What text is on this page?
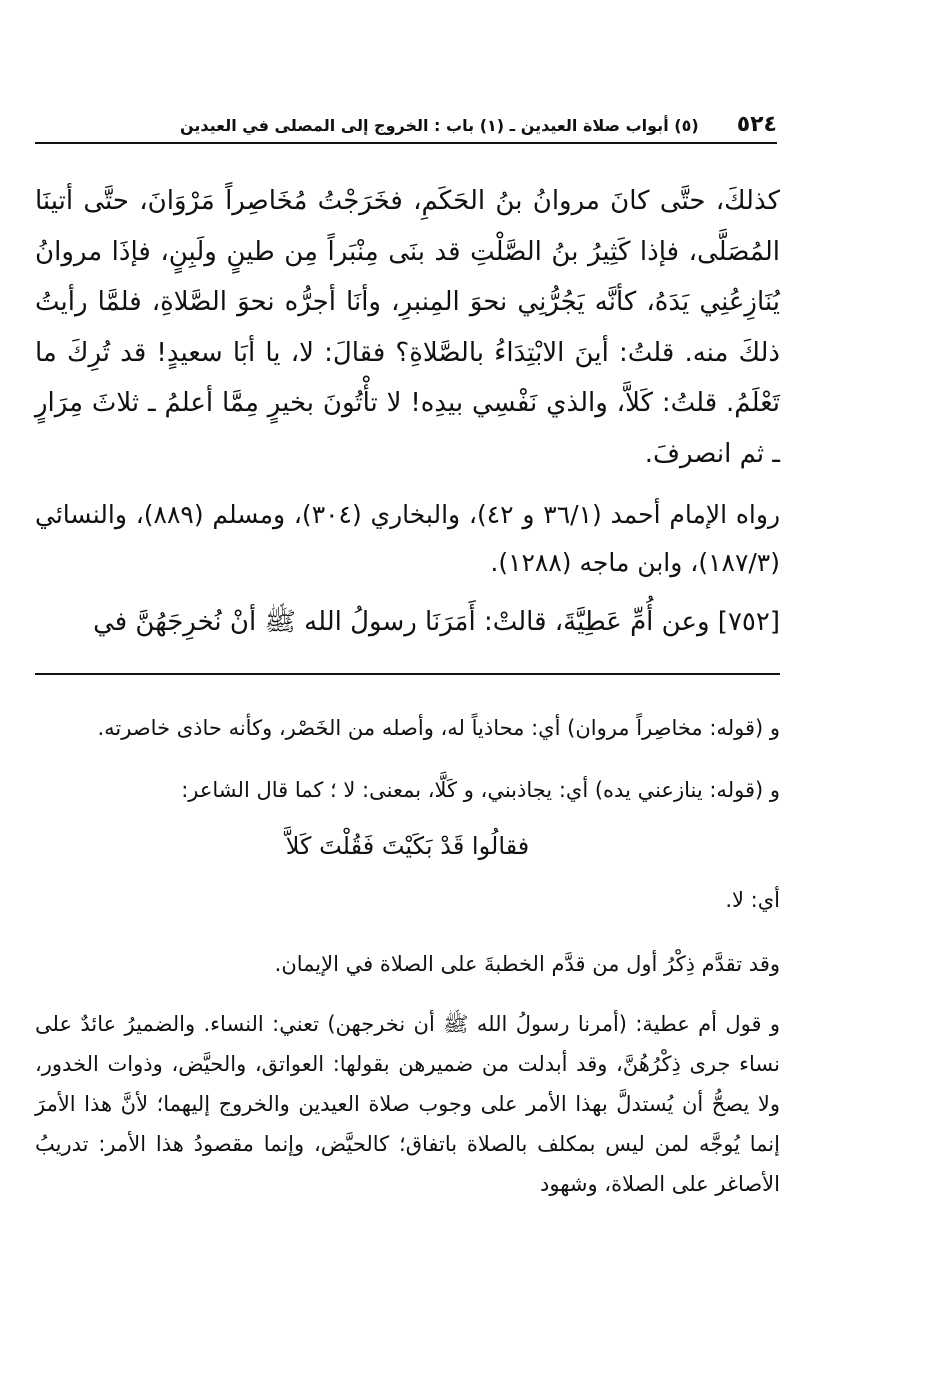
٥٢٤
(٥) أبواب صلاة العيدين ـ (١) باب : الخروج إلى المصلى في العيدين

كذلكَ، حتَّى كانَ مروانُ بنُ الحَكَمِ، فخَرَجْتُ مُخَاصِراً مَرْوَانَ، حتَّى أتينَا المُصَلَّى، فإذا كَثِيرُ بنُ الصَّلْتِ قد بنَى مِنْبَراً مِن طينٍ ولَبِنٍ، فإذَا مروانُ يُنَازِعُنِي يَدَهُ، كأنَّه يَجُرُّنِي نحوَ المِنبرِ، وأنَا أجرُّه نحوَ الصَّلاةِ، فلمَّا رأيتُ ذلكَ منه. قلتُ: أينَ الابْتِدَاءُ بالصَّلاةِ؟ فقالَ: لا، يا أبَا سعيدٍ! قد تُرِكَ ما تَعْلَمُ. قلتُ: كَلاَّ، والذي نَفْسِي بيدِه! لا تأْتُونَ بخيرٍ مِمَّا أعلمُ ـ ثلاثَ مِرَارٍ ـ ثم انصرفَ.

رواه الإمام أحمد (٣٦/١ و ٤٢)، والبخاري (٣٠٤)، ومسلم (٨٨٩)، والنسائي (١٨٧/٣)، وابن ماجه (١٢٨٨).

[٧٥٢] وعن أُمِّ عَطِيَّةَ، قالتْ: أَمَرَنَا رسولُ الله ﷺ أنْ نُخرِجَهُنَّ في

و (قوله: مخاصِراً مروان) أي: محاذياً له، وأصله من الخَصْر، وكأنه حاذى خاصرته.

و (قوله: ينازعني يده) أي: يجاذبني، و كَلَّا، بمعنى: لا ؛ كما قال الشاعر:

فقالُوا قَدْ بَكَيْتَ فَقُلْتَ كَلاَّ

أي: لا.

وقد تقدَّم ذِكْرُ أول من قدَّم الخطبةَ على الصلاة في الإيمان.

و قول أم عطية: (أمرنا رسولُ الله ﷺ أن نخرجهن) تعني: النساء. والضميرُ عائدٌ على نساء جرى ذِكْرُهُنَّ، وقد أبدلت من ضميرهن بقولها: العواتق، والحيَّض، وذوات الخدور، ولا يصحُّ أن يُستدلَّ بهذا الأمر على وجوب صلاة العيدين والخروج إليهما؛ لأنَّ هذا الأمرَ إنما يُوجَّه لمن ليس بمكلف بالصلاة باتفاق؛ كالحيَّض، وإنما مقصودُ هذا الأمر: تدريبُ الأصاغر على الصلاة، وشهود
